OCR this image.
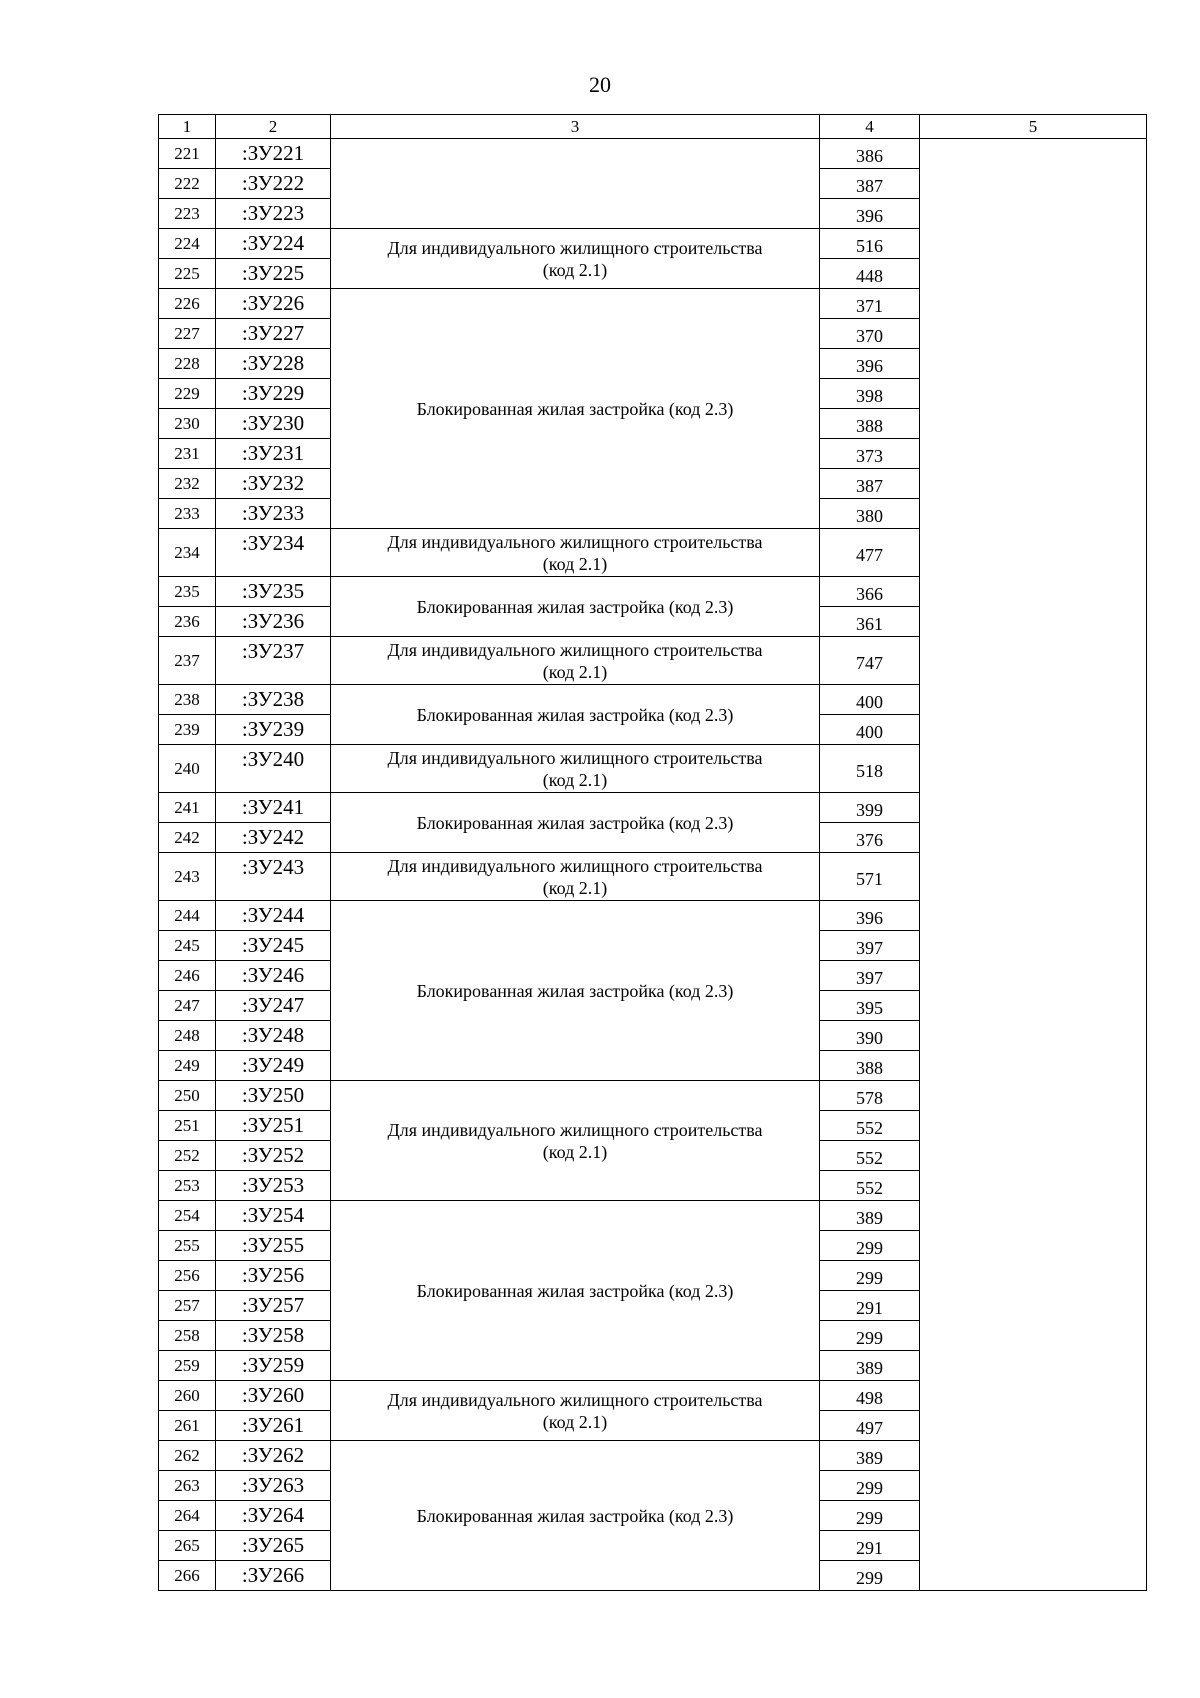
20
1	2	3	4	5
221	:ЗУ221		386	
222	:ЗУ222		387	
223	:ЗУ223		396	
224	:ЗУ224	Для индивидуального жилищного строительства
(код 2.1)	516	
225	:ЗУ225		448	
226	:ЗУ226	Блокированная жилая застройка (код 2.3)	371	
227	:ЗУ227		370	
228	:ЗУ228		396	
229	:ЗУ229		398	
230	:ЗУ230		388	
231	:ЗУ231		373	
232	:ЗУ232		387	
233	:ЗУ233		380	
234	:ЗУ234	Для индивидуального жилищного строительства
(код 2.1)	477	
235	:ЗУ235	Блокированная жилая застройка (код 2.3)	366	
236	:ЗУ236		361	
237	:ЗУ237	Для индивидуального жилищного строительства
(код 2.1)	747	
238	:ЗУ238	Блокированная жилая застройка (код 2.3)	400	
239	:ЗУ239		400	
240	:ЗУ240	Для индивидуального жилищного строительства
(код 2.1)	518	
241	:ЗУ241	Блокированная жилая застройка (код 2.3)	399	
242	:ЗУ242		376	
243	:ЗУ243	Для индивидуального жилищного строительства
(код 2.1)	571	
244	:ЗУ244	Блокированная жилая застройка (код 2.3)	396	
245	:ЗУ245		397	
246	:ЗУ246		397	
247	:ЗУ247		395	
248	:ЗУ248		390	
249	:ЗУ249		388	
250	:ЗУ250	Для индивидуального жилищного строительства
(код 2.1)	578	
251	:ЗУ251		552	
252	:ЗУ252		552	
253	:ЗУ253		552	
254	:ЗУ254	Блокированная жилая застройка (код 2.3)	389	
255	:ЗУ255		299	
256	:ЗУ256		299	
257	:ЗУ257		291	
258	:ЗУ258		299	
259	:ЗУ259		389	
260	:ЗУ260	Для индивидуального жилищного строительства
(код 2.1)	498	
261	:ЗУ261		497	
262	:ЗУ262	Блокированная жилая застройка (код 2.3)	389	
263	:ЗУ263		299	
264	:ЗУ264		299	
265	:ЗУ265		291	
266	:ЗУ266		299	
